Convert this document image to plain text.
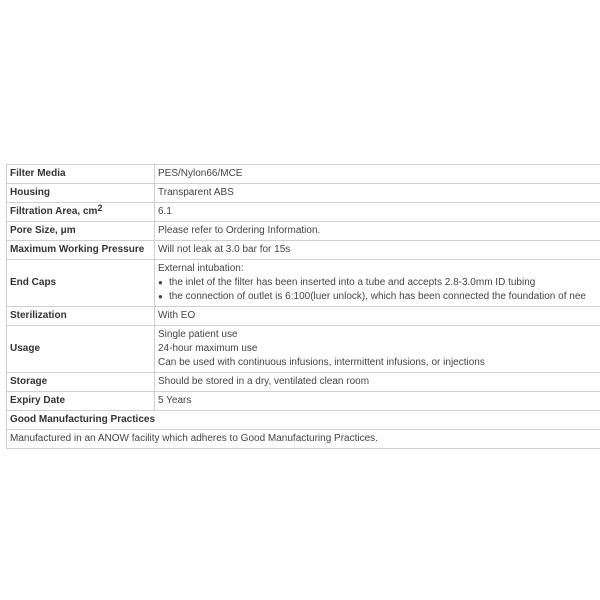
Filter Media	PES/Nylon66/MCE
Housing	Transparent ABS
Filtration Area, $cm^2$	6.1
Pore Size, μm	Please refer to Ordering Information.
Maximum Working Pressure	Will not leak at 3.0 bar for 15s
End Caps	External intubation:
● the inlet of the filter has been inserted into a tube and accepts 2.8-3.0mm ID tubing
● the connection of outlet is 6:100(luer unlock), which has been connected the foundation of nee

Sterilization	With EO
Usage	Single patient use
24-hour maximum use
Can be used with continuous infusions, intermittent infusions, or injections

Storage	Should be stored in a dry, ventilated clean room
Expiry Date	5 Years
Good Manufacturing Practices	
Manufactured in an ANOW facility which adheres to Good Manufacturing Practices.	
